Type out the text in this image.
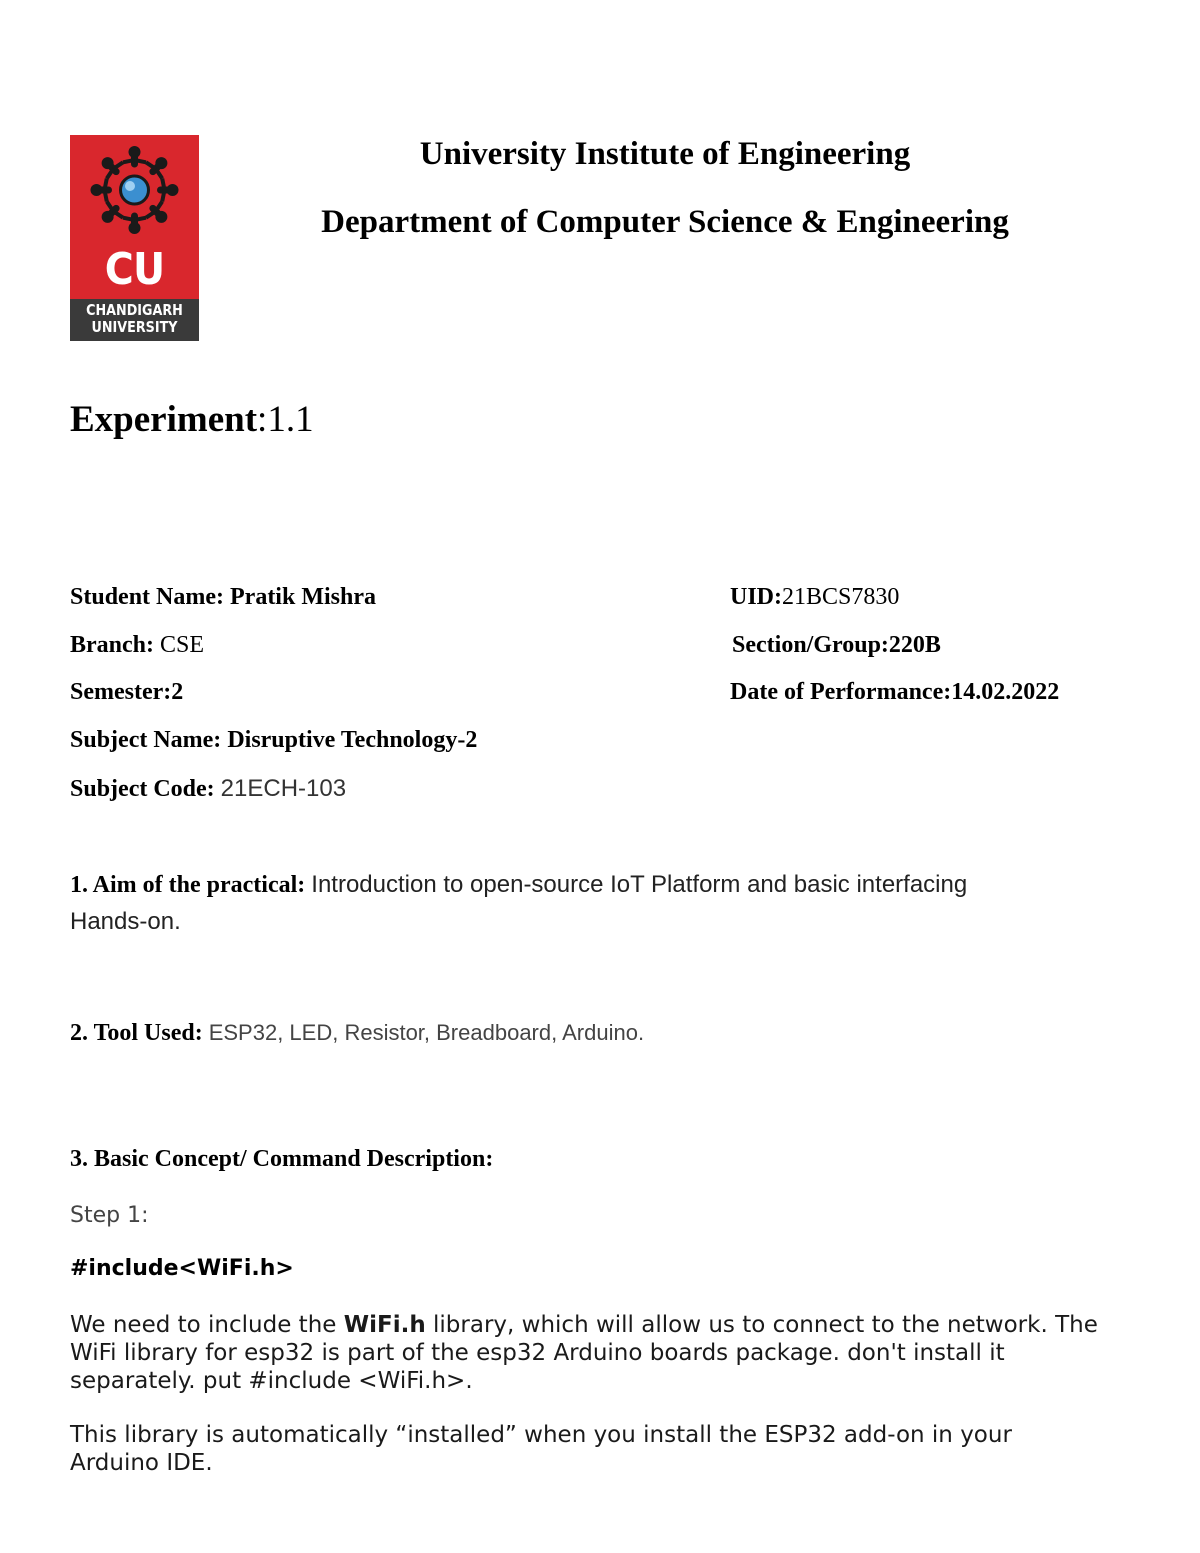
CU
CHANDIGARH
UNIVERSITY
University Institute of Engineering
Department of Computer Science & Engineering
Experiment:1.1
Student Name: Pratik Mishra
Branch: CSE
Semester:2
Subject Name: Disruptive Technology-2
Subject Code: 21ECH-103
UID:21BCS7830
Section/Group:220B
Date of Performance:14.02.2022
1. Aim of the practical: Introduction to open-source IoT Platform and basic interfacing
Hands-on.
2. Tool Used: ESP32, LED, Resistor, Breadboard, Arduino.
3. Basic Concept/ Command Description:
Step 1:
#include<WiFi.h>
We need to include the WiFi.h library, which will allow us to connect to the network. The
WiFi library for esp32 is part of the esp32 Arduino boards package. don't install it
separately. put #include <WiFi.h>.
This library is automatically “installed” when you install the ESP32 add-on in your
Arduino IDE.
